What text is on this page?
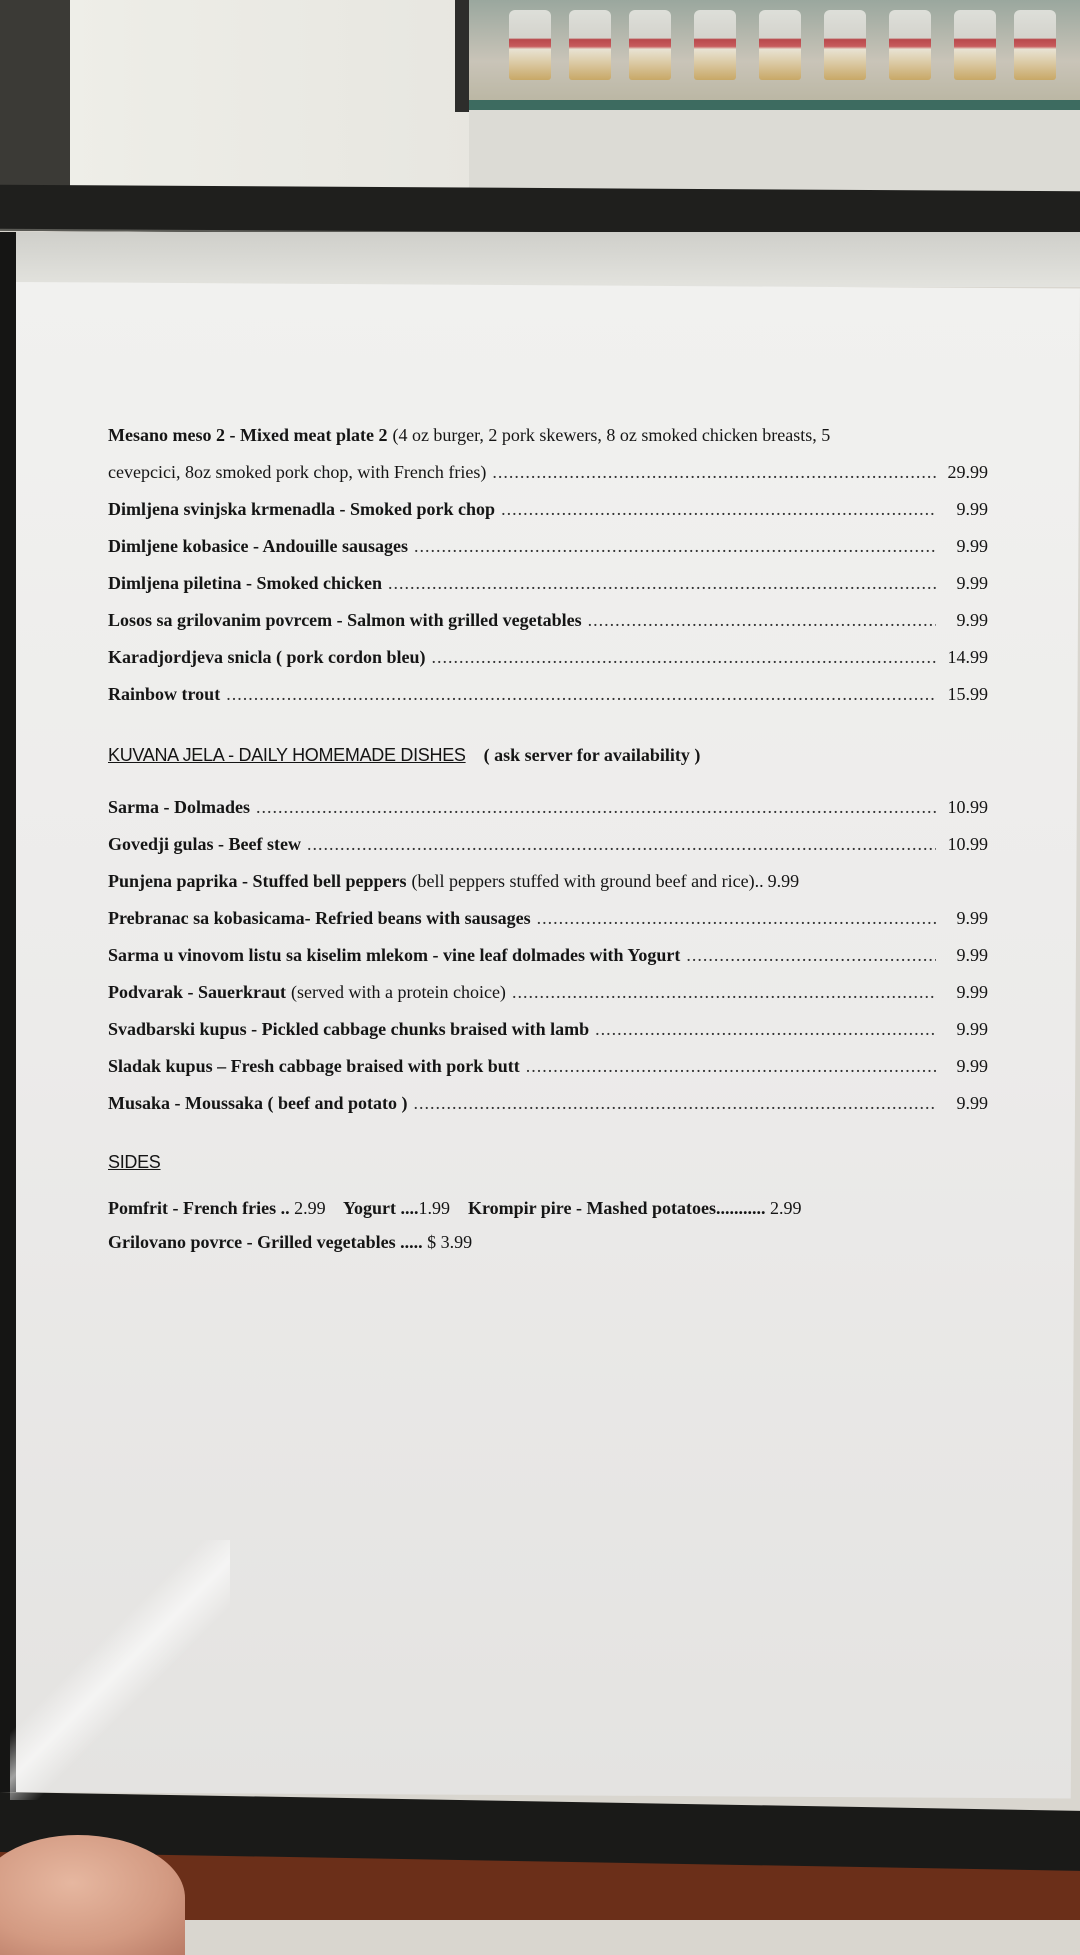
Mesano meso 2 - Mixed meat plate 2 (4 oz burger, 2 pork skewers, 8 oz smoked chicken breasts, 5
cevepcici, 8oz smoked pork chop, with French fries) .....	29.99
Dimljena svinjska krmenadla - Smoked pork chop .....	9.99
Dimljene kobasice - Andouille sausages .....	9.99
Dimljena piletina - Smoked chicken .....	9.99
Losos sa grilovanim povrcem - Salmon with grilled vegetables .....	9.99
Karadjordjeva snicla ( pork cordon bleu) .....	14.99
Rainbow trout .....	15.99
KUVANA JELA - DAILY HOMEMADE DISHES ( ask server for availability )
Sarma - Dolmades .....	10.99
Govedji gulas - Beef stew .....	10.99
Punjena paprika - Stuffed bell peppers (bell peppers stuffed with ground beef and rice).. 9.99
Prebranac sa kobasicama- Refried beans with sausages .....	9.99
Sarma u vinovom listu sa kiselim mlekom - vine leaf dolmades with Yogurt .....	9.99
Podvarak - Sauerkraut (served with a protein choice) .....	9.99
Svadbarski kupus - Pickled cabbage chunks braised with lamb .....	9.99
Sladak kupus – Fresh cabbage braised with pork butt .....	9.99
Musaka - Moussaka ( beef and potato ) .....	9.99
SIDES
Pomfrit - French fries .. 2.99 Yogurt ....1.99 Krompir pire - Mashed potatoes........... 2.99
Grilovano povrce - Grilled vegetables ..... $ 3.99
